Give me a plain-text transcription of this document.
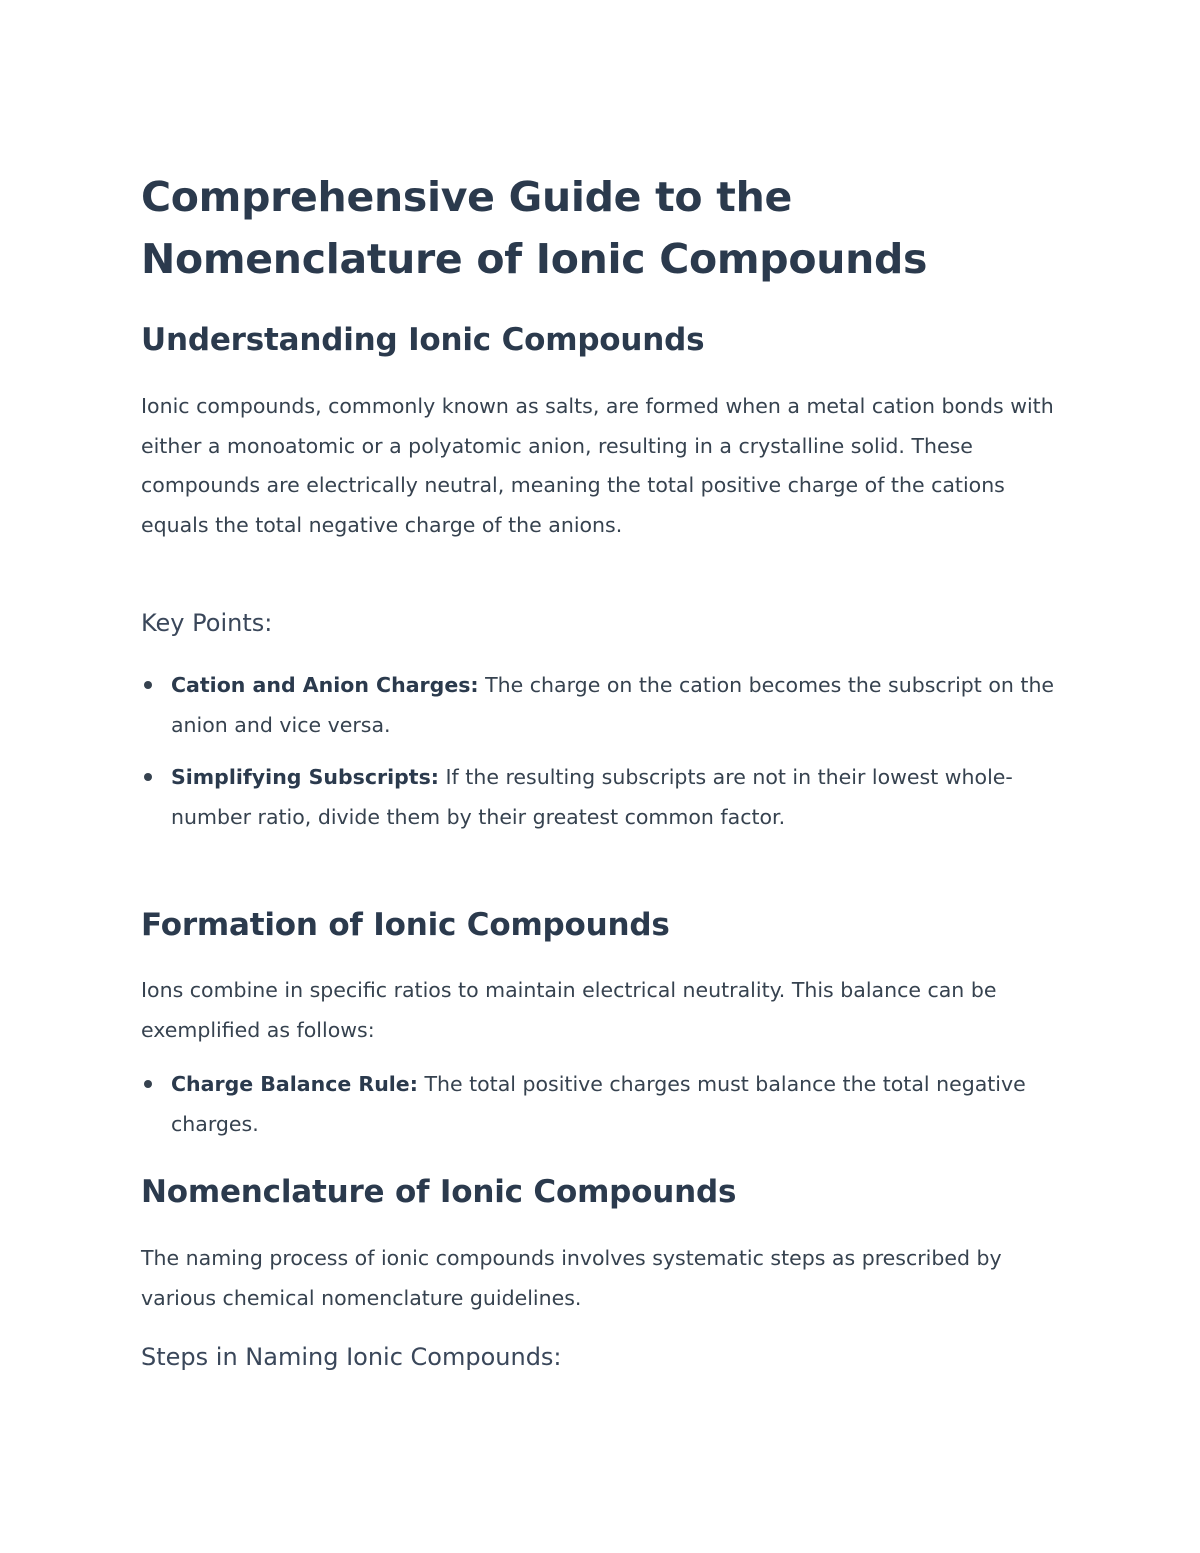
Comprehensive Guide to the Nomenclature of Ionic Compounds
Understanding Ionic Compounds

Ionic compounds, commonly known as salts, are formed when a metal cation bonds with either a monoatomic or a polyatomic anion, resulting in a crystalline solid. These compounds are electrically neutral, meaning the total positive charge of the cations equals the total negative charge of the anions.

Key Points:
Cation and Anion Charges: The charge on the cation becomes the subscript on the anion and vice versa.
Simplifying Subscripts: If the resulting subscripts are not in their lowest whole-number ratio, divide them by their greatest common factor.
Formation of Ionic Compounds

Ions combine in specific ratios to maintain electrical neutrality. This balance can be exemplified as follows:

Charge Balance Rule: The total positive charges must balance the total negative charges.
Nomenclature of Ionic Compounds

The naming process of ionic compounds involves systematic steps as prescribed by various chemical nomenclature guidelines.

Steps in Naming Ionic Compounds:
